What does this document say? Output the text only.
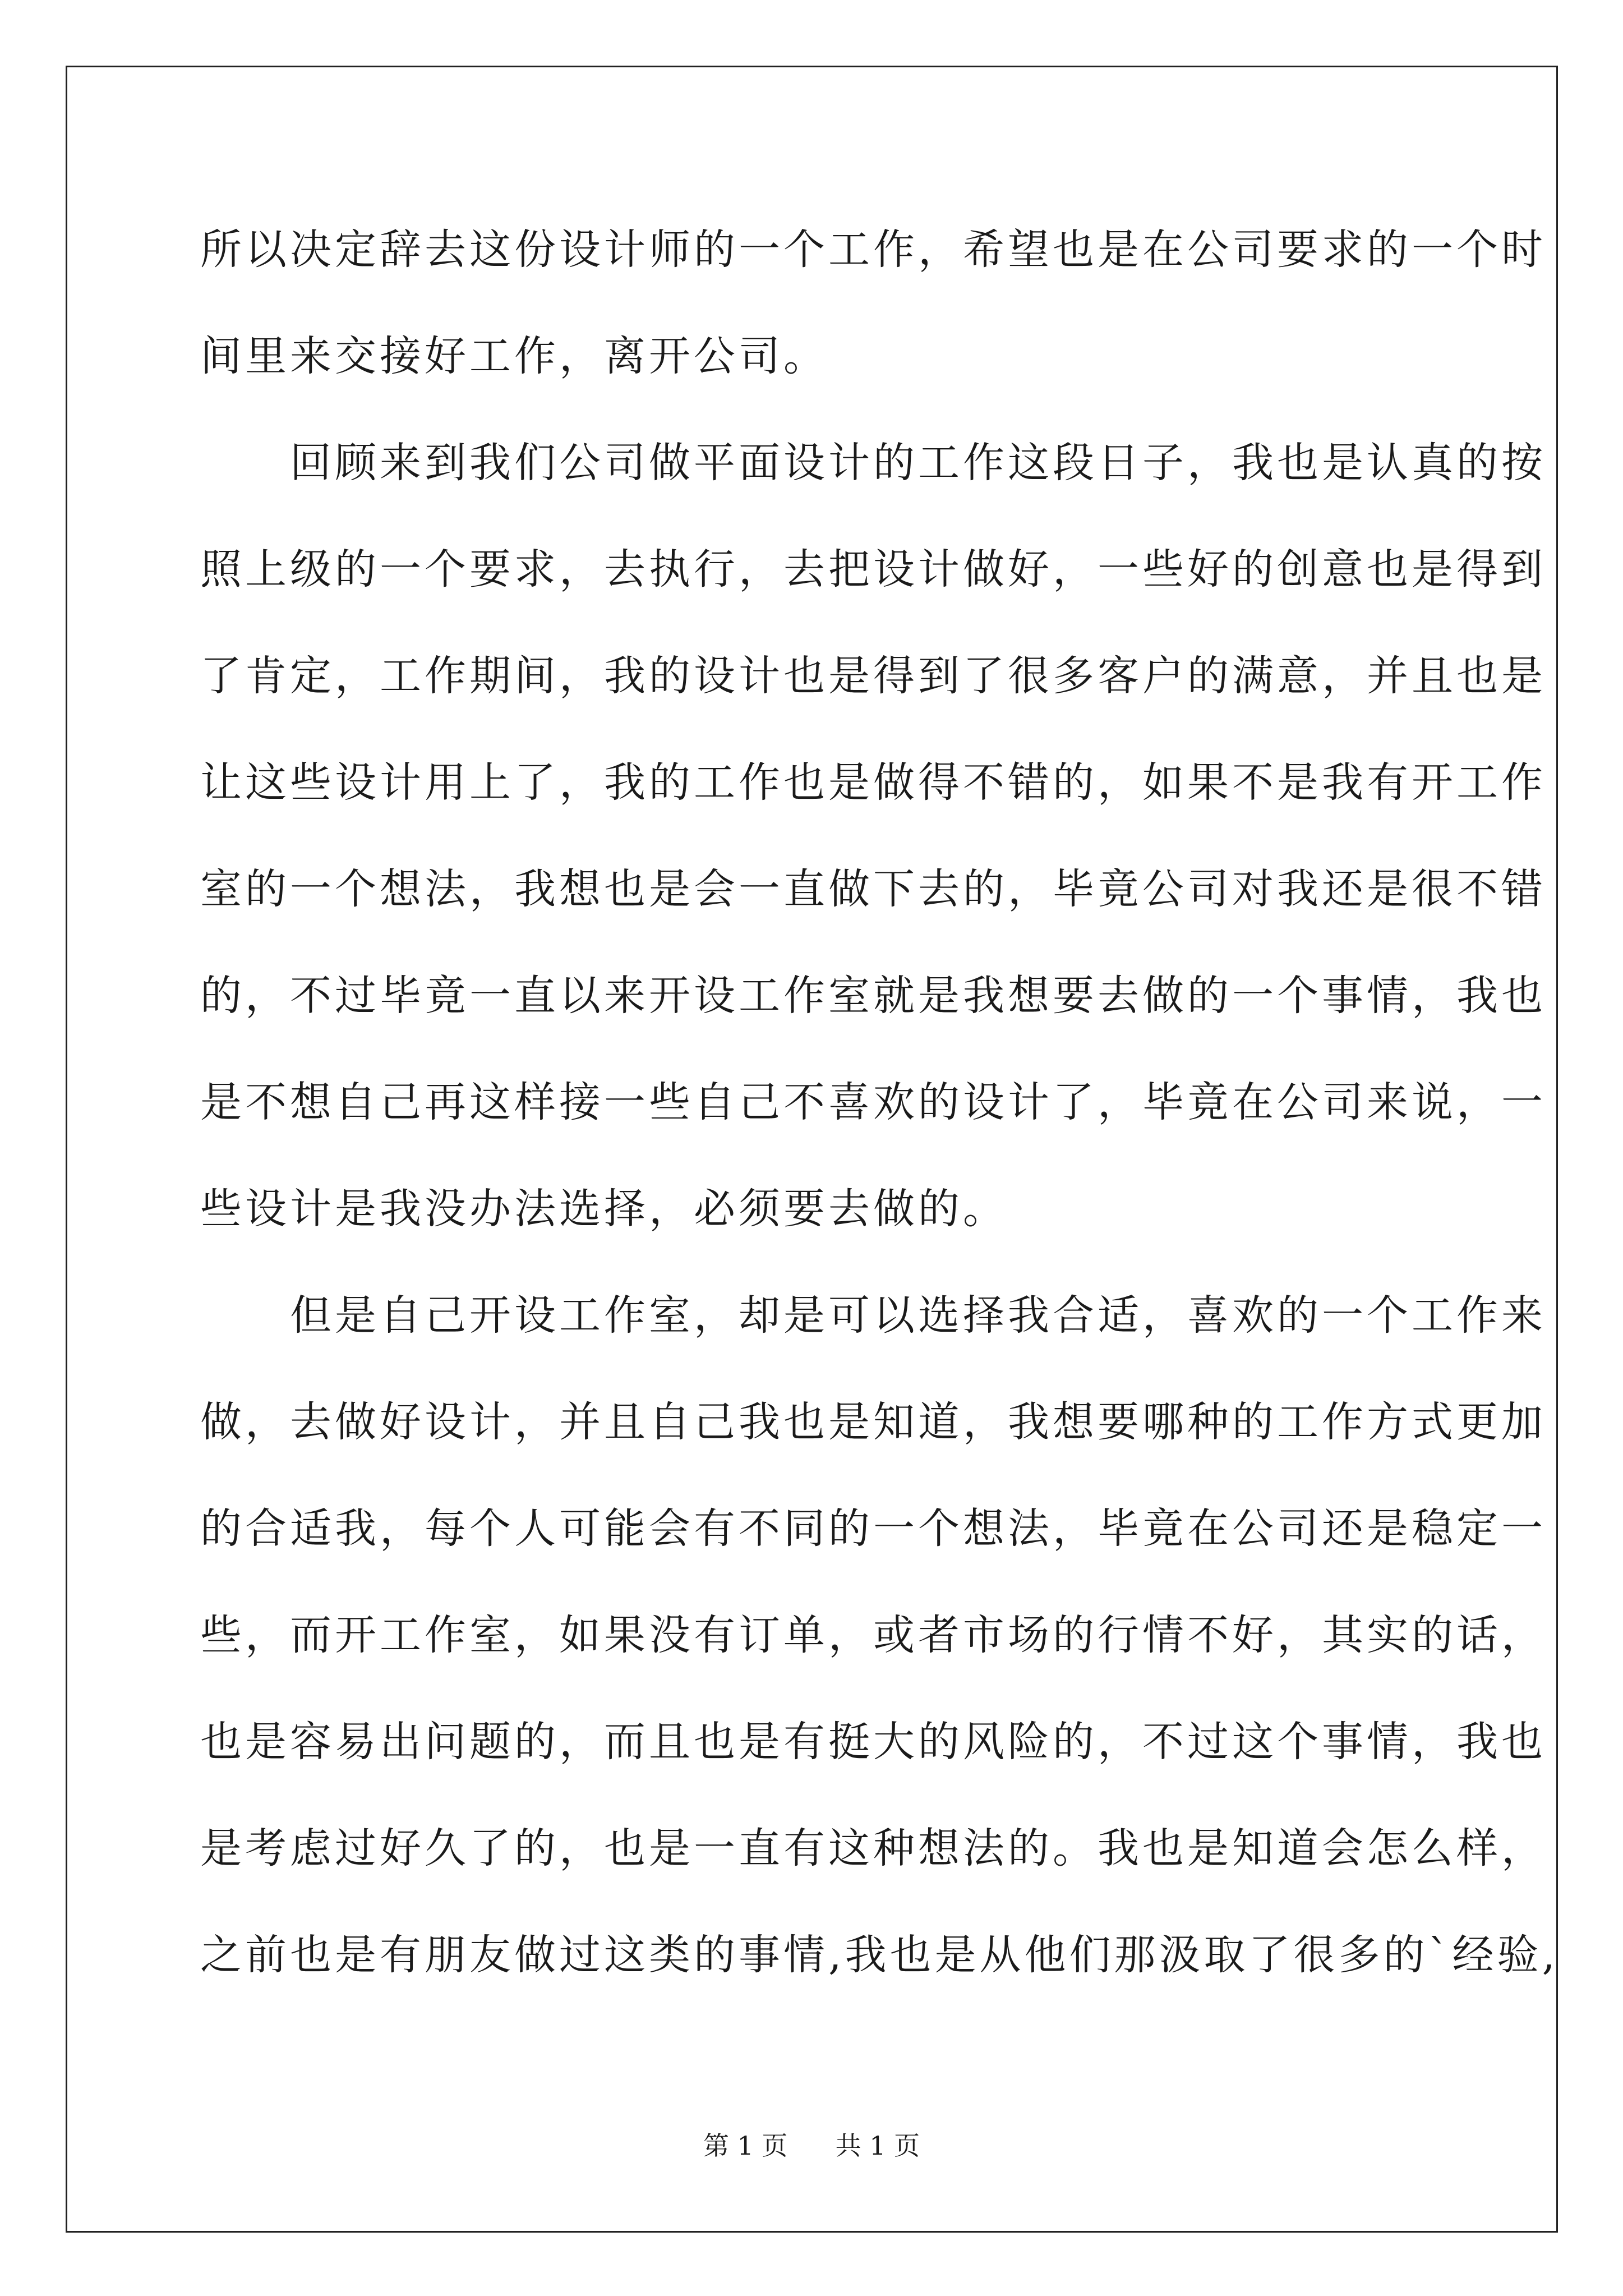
所以决定辞去这份设计师的一个工作，希望也是在公司要求的一个时
间里来交接好工作，离开公司。
　　回顾来到我们公司做平面设计的工作这段日子，我也是认真的按
照上级的一个要求，去执行，去把设计做好，一些好的创意也是得到
了肯定，工作期间，我的设计也是得到了很多客户的满意，并且也是
让这些设计用上了，我的工作也是做得不错的，如果不是我有开工作
室的一个想法，我想也是会一直做下去的，毕竟公司对我还是很不错
的，不过毕竟一直以来开设工作室就是我想要去做的一个事情，我也
是不想自己再这样接一些自己不喜欢的设计了，毕竟在公司来说，一
些设计是我没办法选择，必须要去做的。
　　但是自己开设工作室，却是可以选择我合适，喜欢的一个工作来
做，去做好设计，并且自己我也是知道，我想要哪种的工作方式更加
的合适我，每个人可能会有不同的一个想法，毕竟在公司还是稳定一
些，而开工作室，如果没有订单，或者市场的行情不好，其实的话，
也是容易出问题的，而且也是有挺大的风险的，不过这个事情，我也
是考虑过好久了的，也是一直有这种想法的。我也是知道会怎么样，
之前也是有朋友做过这类的事情,我也是从他们那汲取了很多的`经验,
第 1 页 共 1 页
